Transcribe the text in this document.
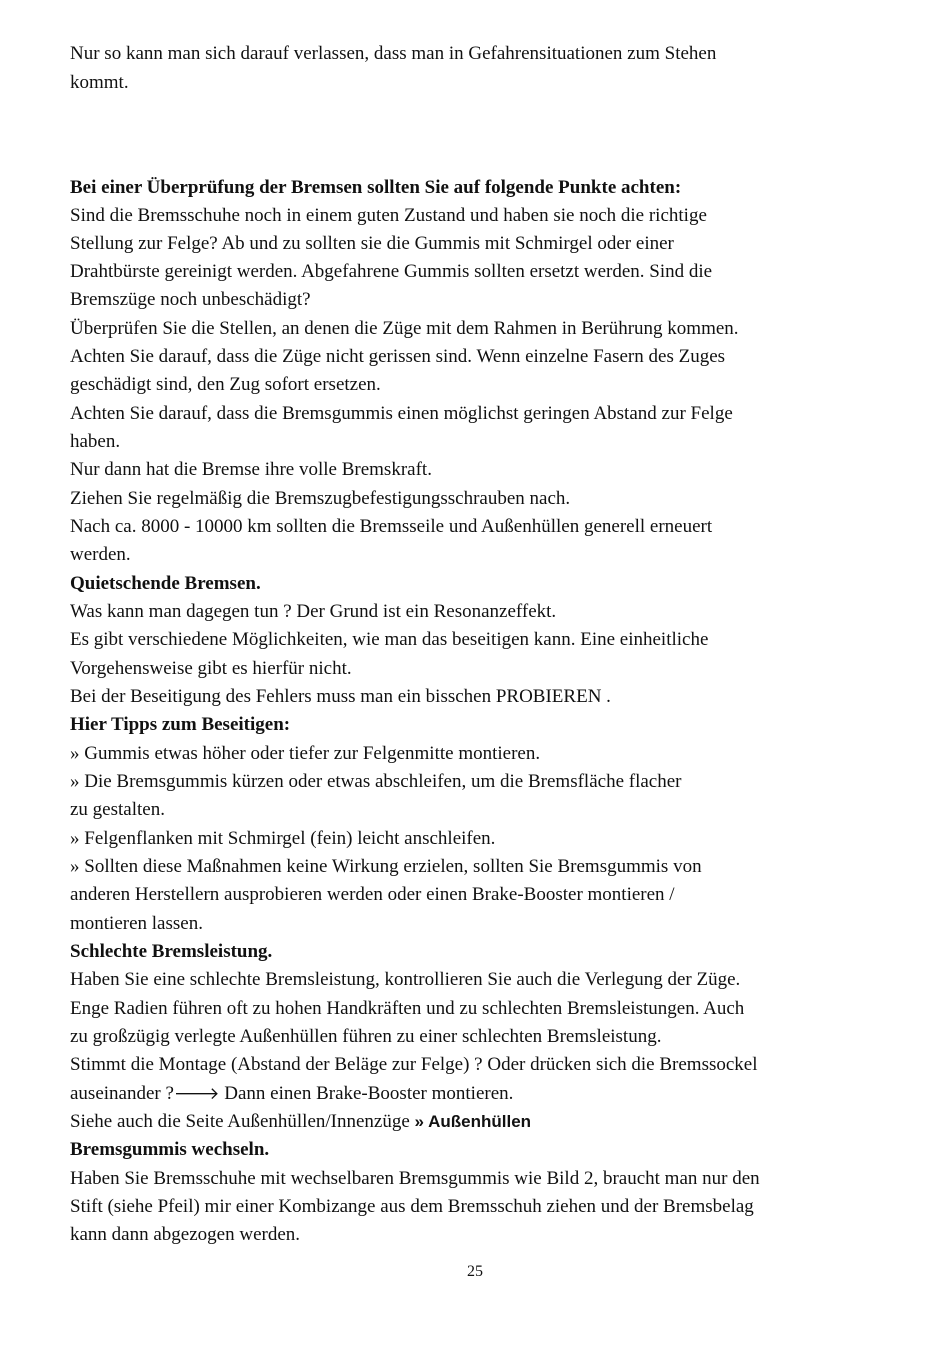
Nur so kann man sich darauf verlassen, dass man in Gefahrensituationen zum Stehen
kommt.
Bei einer Überprüfung der Bremsen sollten Sie auf folgende Punkte achten:
Sind die Bremsschuhe noch in einem guten Zustand und haben sie noch die richtige
Stellung zur Felge? Ab und zu sollten sie die Gummis mit Schmirgel oder einer
Drahtbürste gereinigt werden. Abgefahrene Gummis sollten ersetzt werden. Sind die
Bremszüge noch unbeschädigt?
Überprüfen Sie die Stellen, an denen die Züge mit dem Rahmen in Berührung kommen.
Achten Sie darauf, dass die Züge nicht gerissen sind. Wenn einzelne Fasern des Zuges
geschädigt sind, den Zug sofort ersetzen.
Achten Sie darauf, dass die Bremsgummis einen möglichst geringen Abstand zur Felge
haben.
Nur dann hat die Bremse ihre volle Bremskraft.
Ziehen Sie regelmäßig die Bremszugbefestigungsschrauben nach.
Nach ca. 8000 - 10000 km sollten die Bremsseile und Außenhüllen generell erneuert
werden.
Quietschende Bremsen.
Was kann man dagegen tun ? Der Grund ist ein Resonanzeffekt.
Es gibt verschiedene Möglichkeiten, wie man das beseitigen kann. Eine einheitliche
Vorgehensweise gibt es hierfür nicht.
Bei der Beseitigung des Fehlers muss man ein bisschen PROBIEREN .
Hier Tipps zum Beseitigen:
» Gummis etwas höher oder tiefer zur Felgenmitte montieren.
» Die Bremsgummis kürzen oder etwas abschleifen, um die Bremsfläche flacher
zu gestalten.
» Felgenflanken mit Schmirgel (fein) leicht anschleifen.
» Sollten diese Maßnahmen keine Wirkung erzielen, sollten Sie Bremsgummis von
anderen Herstellern ausprobieren werden oder einen Brake-Booster montieren /
montieren lassen.
Schlechte Bremsleistung.
Haben Sie eine schlechte Bremsleistung, kontrollieren Sie auch die Verlegung der Züge.
Enge Radien führen oft zu hohen Handkräften und zu schlechten Bremsleistungen. Auch
zu großzügig verlegte Außenhüllen führen zu einer schlechten Bremsleistung.
Stimmt die Montage (Abstand der Beläge zur Felge) ? Oder drücken sich die Bremssockel
auseinander ?🡒 Dann einen Brake-Booster montieren.
Siehe auch die Seite Außenhüllen/Innenzüge » Außenhüllen
Bremsgummis wechseln.
Haben Sie Bremsschuhe mit wechselbaren Bremsgummis wie Bild 2, braucht man nur den
Stift (siehe Pfeil) mir einer Kombizange aus dem Bremsschuh ziehen und der Bremsbelag
kann dann abgezogen werden.
25
